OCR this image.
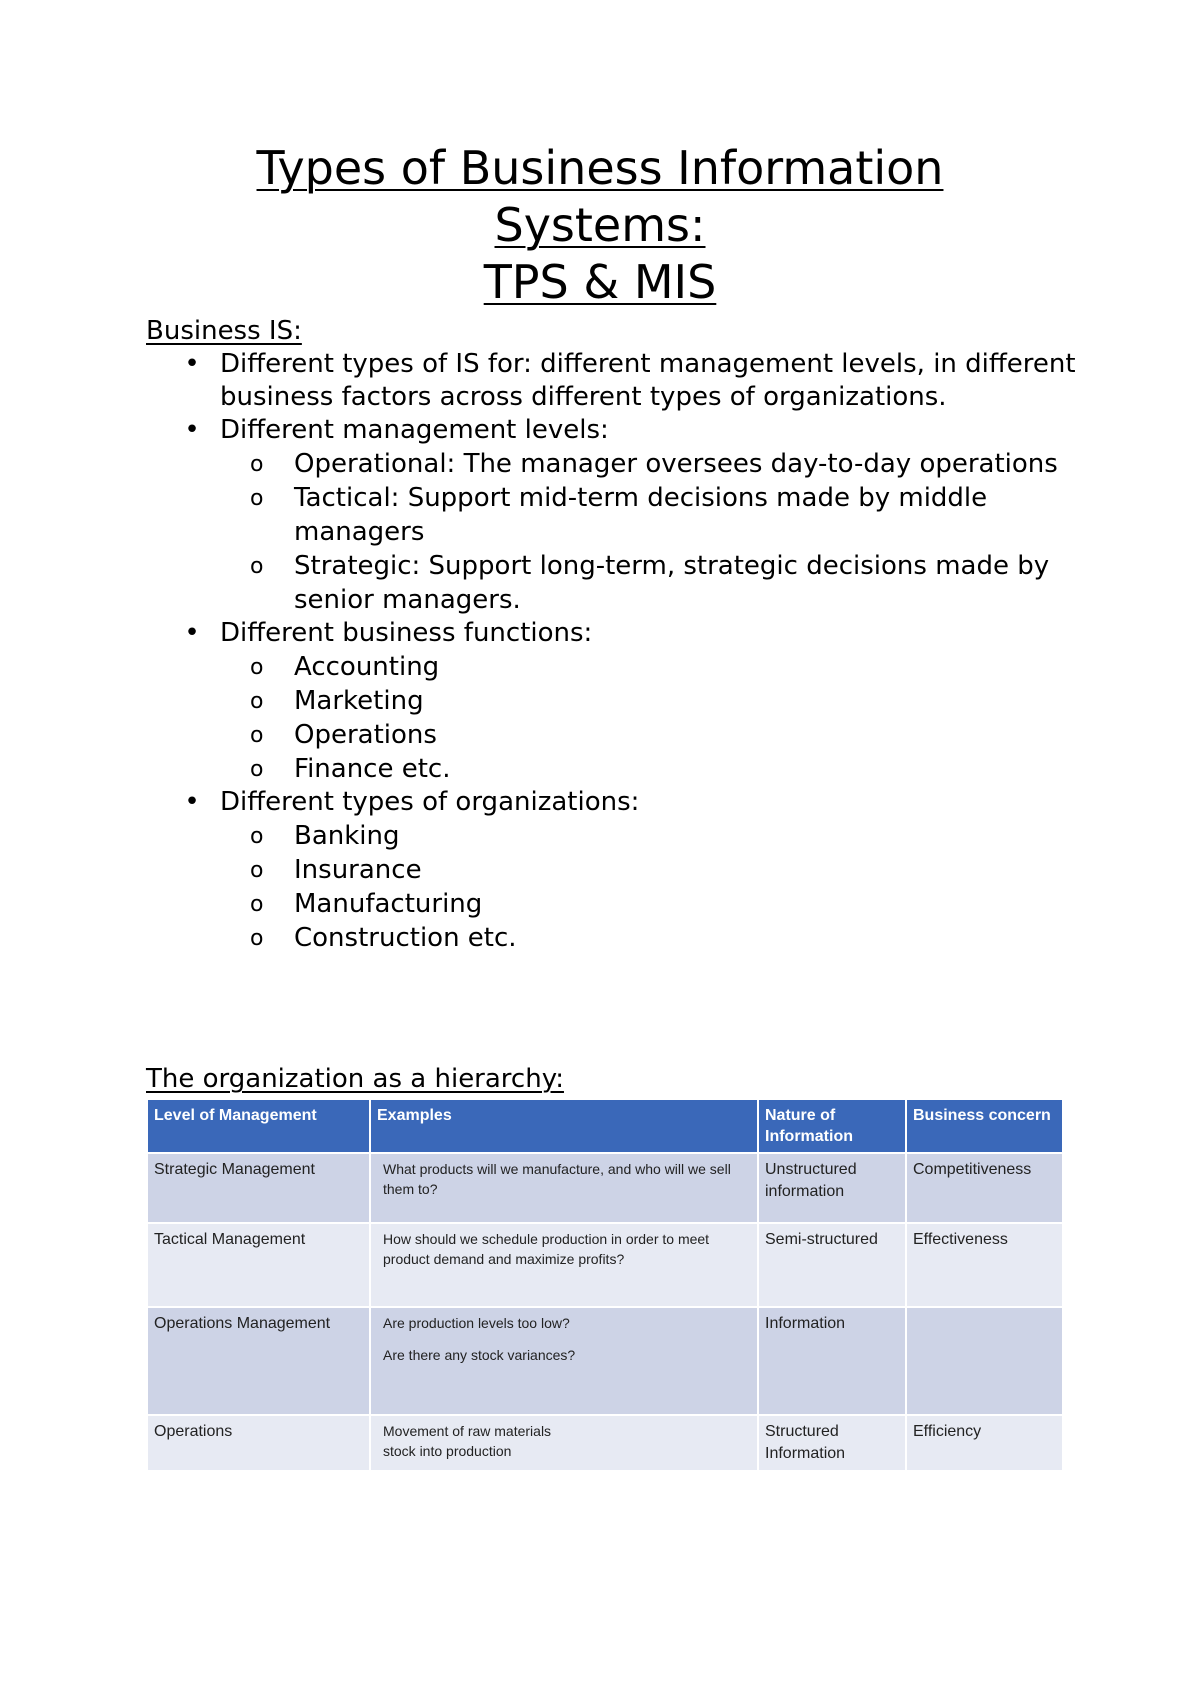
Types of Business Information
Systems:
TPS & MIS
Business IS:
• Different types of IS for: different management levels, in different business factors across different types of organizations.
• Different management levels:
o Operational: The manager oversees day-to-day operations
o Tactical: Support mid-term decisions made by middle managers
o Strategic: Support long-term, strategic decisions made by senior managers.
• Different business functions:
o Accounting
o Marketing
o Operations
o Finance etc.
• Different types of organizations:
o Banking
o Insurance
o Manufacturing
o Construction etc.
The organization as a hierarchy:
Level of Management	Examples	Nature of Information	Business concern
Strategic Management	What products will we manufacture, and who will we sell them to?	Unstructured information	Competitiveness
Tactical Management	How should we schedule production in order to meet product demand and maximize profits?	Semi-structured	Effectiveness
Operations Management	Are production levels too low?
Are there any stock variances?	Information	
Operations	Movement of raw materials
stock into production	Structured Information	Efficiency
